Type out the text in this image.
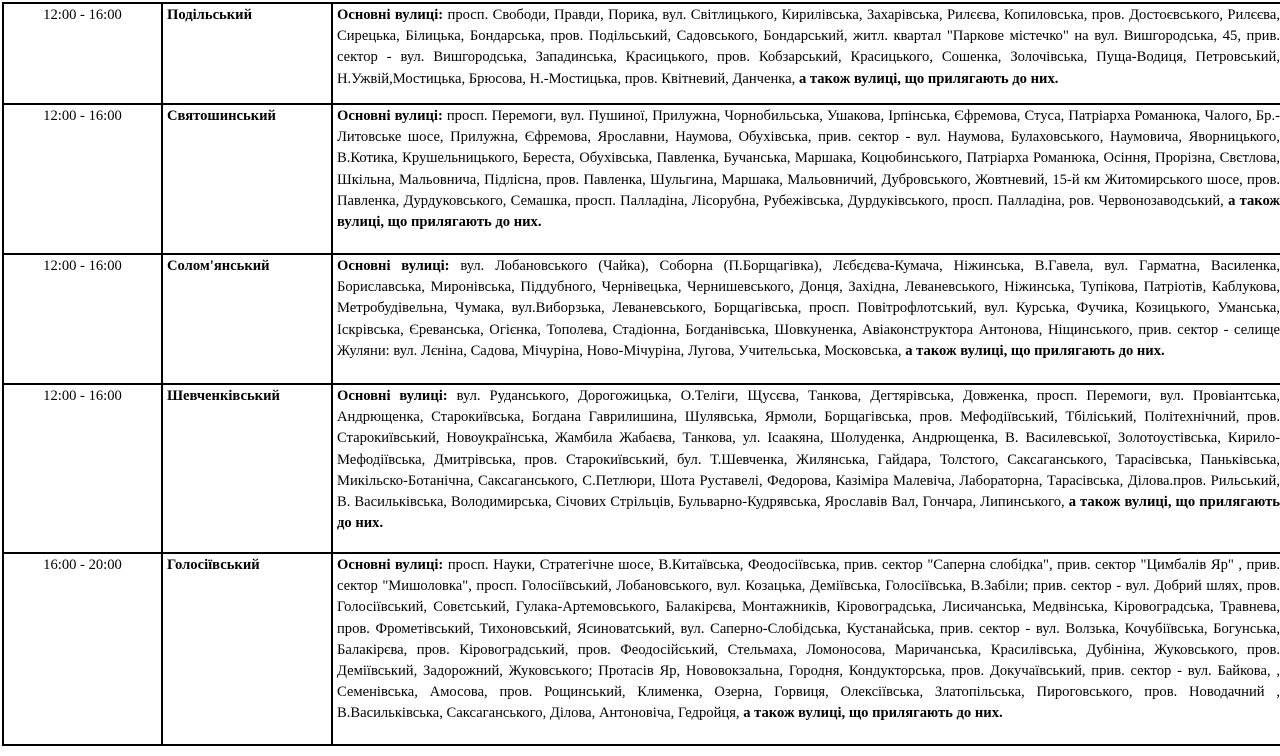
12:00 - 16:00	Подільський	Основні вулиці: просп. Свободи, Правди, Порика, вул. Світлицького, Кирилівська, Захарівська, Рилєєва, Копиловська, пров. Достоєвського, Рилєєва, Сирецька, Білицька, Бондарська, пров. Подільський, Садовського, Бондарський, житл. квартал "Паркове містечко" на вул. Вишгородська, 45, прив. сектор - вул. Вишгородська, Западинська, Красицького, пров. Кобзарський, Красицького, Сошенка, Золочівська, Пуща-Водиця, Петровський, Н.Ужвій,Мостицька, Брюсова, Н.-Мостицька, пров. Квітневий, Данченка, а також вулиці, що прилягають до них.
12:00 - 16:00	Святошинський	Основні вулиці: просп. Перемоги, вул. Пушиної, Прилужна, Чорнобильська, Ушакова, Ірпінська, Єфремова, Стуса, Патріарха Романюка, Чалого, Бр.-Литовське шосе, Прилужна, Єфремова, Ярославни, Наумова, Обухівська, прив. сектор - вул. Наумова, Булаховського, Наумовича, Яворницького, В.Котика, Крушельницького, Береста, Обухівська, Павленка, Бучанська, Маршака, Коцюбинського, Патріарха Романюка, Осіння, Прорізна, Свєтлова, Шкільна, Мальовнича, Підлісна, пров. Павленка, Шульгина, Маршака, Мальовничий, Дубровського, Жовтневий, 15-й км Житомирського шосе, пров. Павленка, Дурдуковського, Семашка, просп. Палладіна, Лісорубна, Рубежівська, Дурдуківського, просп. Палладіна, ров. Червонозаводський, а також вулиці, що прилягають до них.
12:00 - 16:00	Солом'янський	Основні вулиці: вул. Лобановського (Чайка), Соборна (П.Борщагівка), Лєбєдєва-Кумача, Ніжинська, В.Гавела, вул. Гарматна, Василенка, Бориславська, Миронівська, Піддубного, Чернівецька, Чернишевського, Донця, Західна, Леваневського, Ніжинська, Тупікова, Патріотів, Каблукова, Метробудівельна, Чумака, вул.Виборзька, Леваневського, Борщагівська, просп. Повітрофлотський, вул. Курська, Фучика, Козицького, Уманська, Іскрівська, Єреванська, Огієнка, Тополева, Стадіонна, Богданівська, Шовкуненка, Авіаконструктора Антонова, Ніщинського, прив. сектор - селище Жуляни: вул. Лєніна, Садова, Мічуріна, Ново-Мічуріна, Лугова, Учительська, Московська, а також вулиці, що прилягають до них.
12:00 - 16:00	Шевченківський	Основні вулиці: вул. Руданського, Дорогожицька, О.Теліги, Щусєва, Танкова, Дегтярівська, Довженка, просп. Перемоги, вул. Провіантська, Андрющенка, Старокиївська, Богдана Гаврилишина, Шулявська, Ярмоли, Борщагівська, пров. Мефодіївський, Тбіліський, Політехнічний, пров. Старокиївський, Новоукраїнська, Жамбила Жабаєва, Танкова, ул. Ісаакяна, Шолуденка, Андрющенка, В. Василевської, Золотоустівська, Кирило-Мефодіївська, Дмитрівська, пров. Старокиївський, бул. Т.Шевченка, Жилянська, Гайдара, Толстого, Саксаганського, Тарасівська, Паньківська, Микільско-Ботанічна, Саксаганського, С.Петлюри, Шота Руставелі, Федорова, Казіміра Малевіча, Лабораторна, Тарасівська, Ділова.пров. Рильський, В. Васильківська, Володимирська, Січових Стрільців, Бульварно-Кудрявська, Ярославів Вал, Гончара, Липинського, а також вулиці, що прилягають до них.
16:00 - 20:00	Голосіївський	Основні вулиці: просп. Науки, Стратегічне шосе, В.Китаївська, Феодосіївська, прив. сектор "Саперна слобідка", прив. сектор "Цимбалів Яр" , прив. сектор "Мишоловка", просп. Голосіївський, Лобановського, вул. Козацька, Деміївська, Голосіївська, В.Забіли; прив. сектор - вул. Добрий шлях, пров. Голосіївський, Совєтський, Гулака-Артемовського, Балакірєва, Монтажників, Кіровоградська, Лисичанська, Медвінська, Кіровоградська, Травнева, пров. Фрометівський, Тихоновський, Ясиноватський, вул. Саперно-Слобідська, Кустанайська, прив. сектор - вул. Волзька, Кочубіївська, Богунська, Балакірєва, пров. Кіровоградський, пров. Феодосійський, Стельмаха, Ломоносова, Маричанська, Красилівська, Дубініна, Жуковського, пров. Деміївський, Задорожний, Жуковського; Протасів Яр, Нововокзальна, Городня, Кондукторська, пров. Докучаївський, прив. сектор - вул. Байкова, , Семенівська, Амосова, пров. Рощинський, Клименка, Озерна, Горвиця, Олексіївська, Златопільська, Пироговського, пров. Новодачний , В.Васильківська, Саксаганського, Ділова, Антоновіча, Гедройця, а також вулиці, що прилягають до них.
